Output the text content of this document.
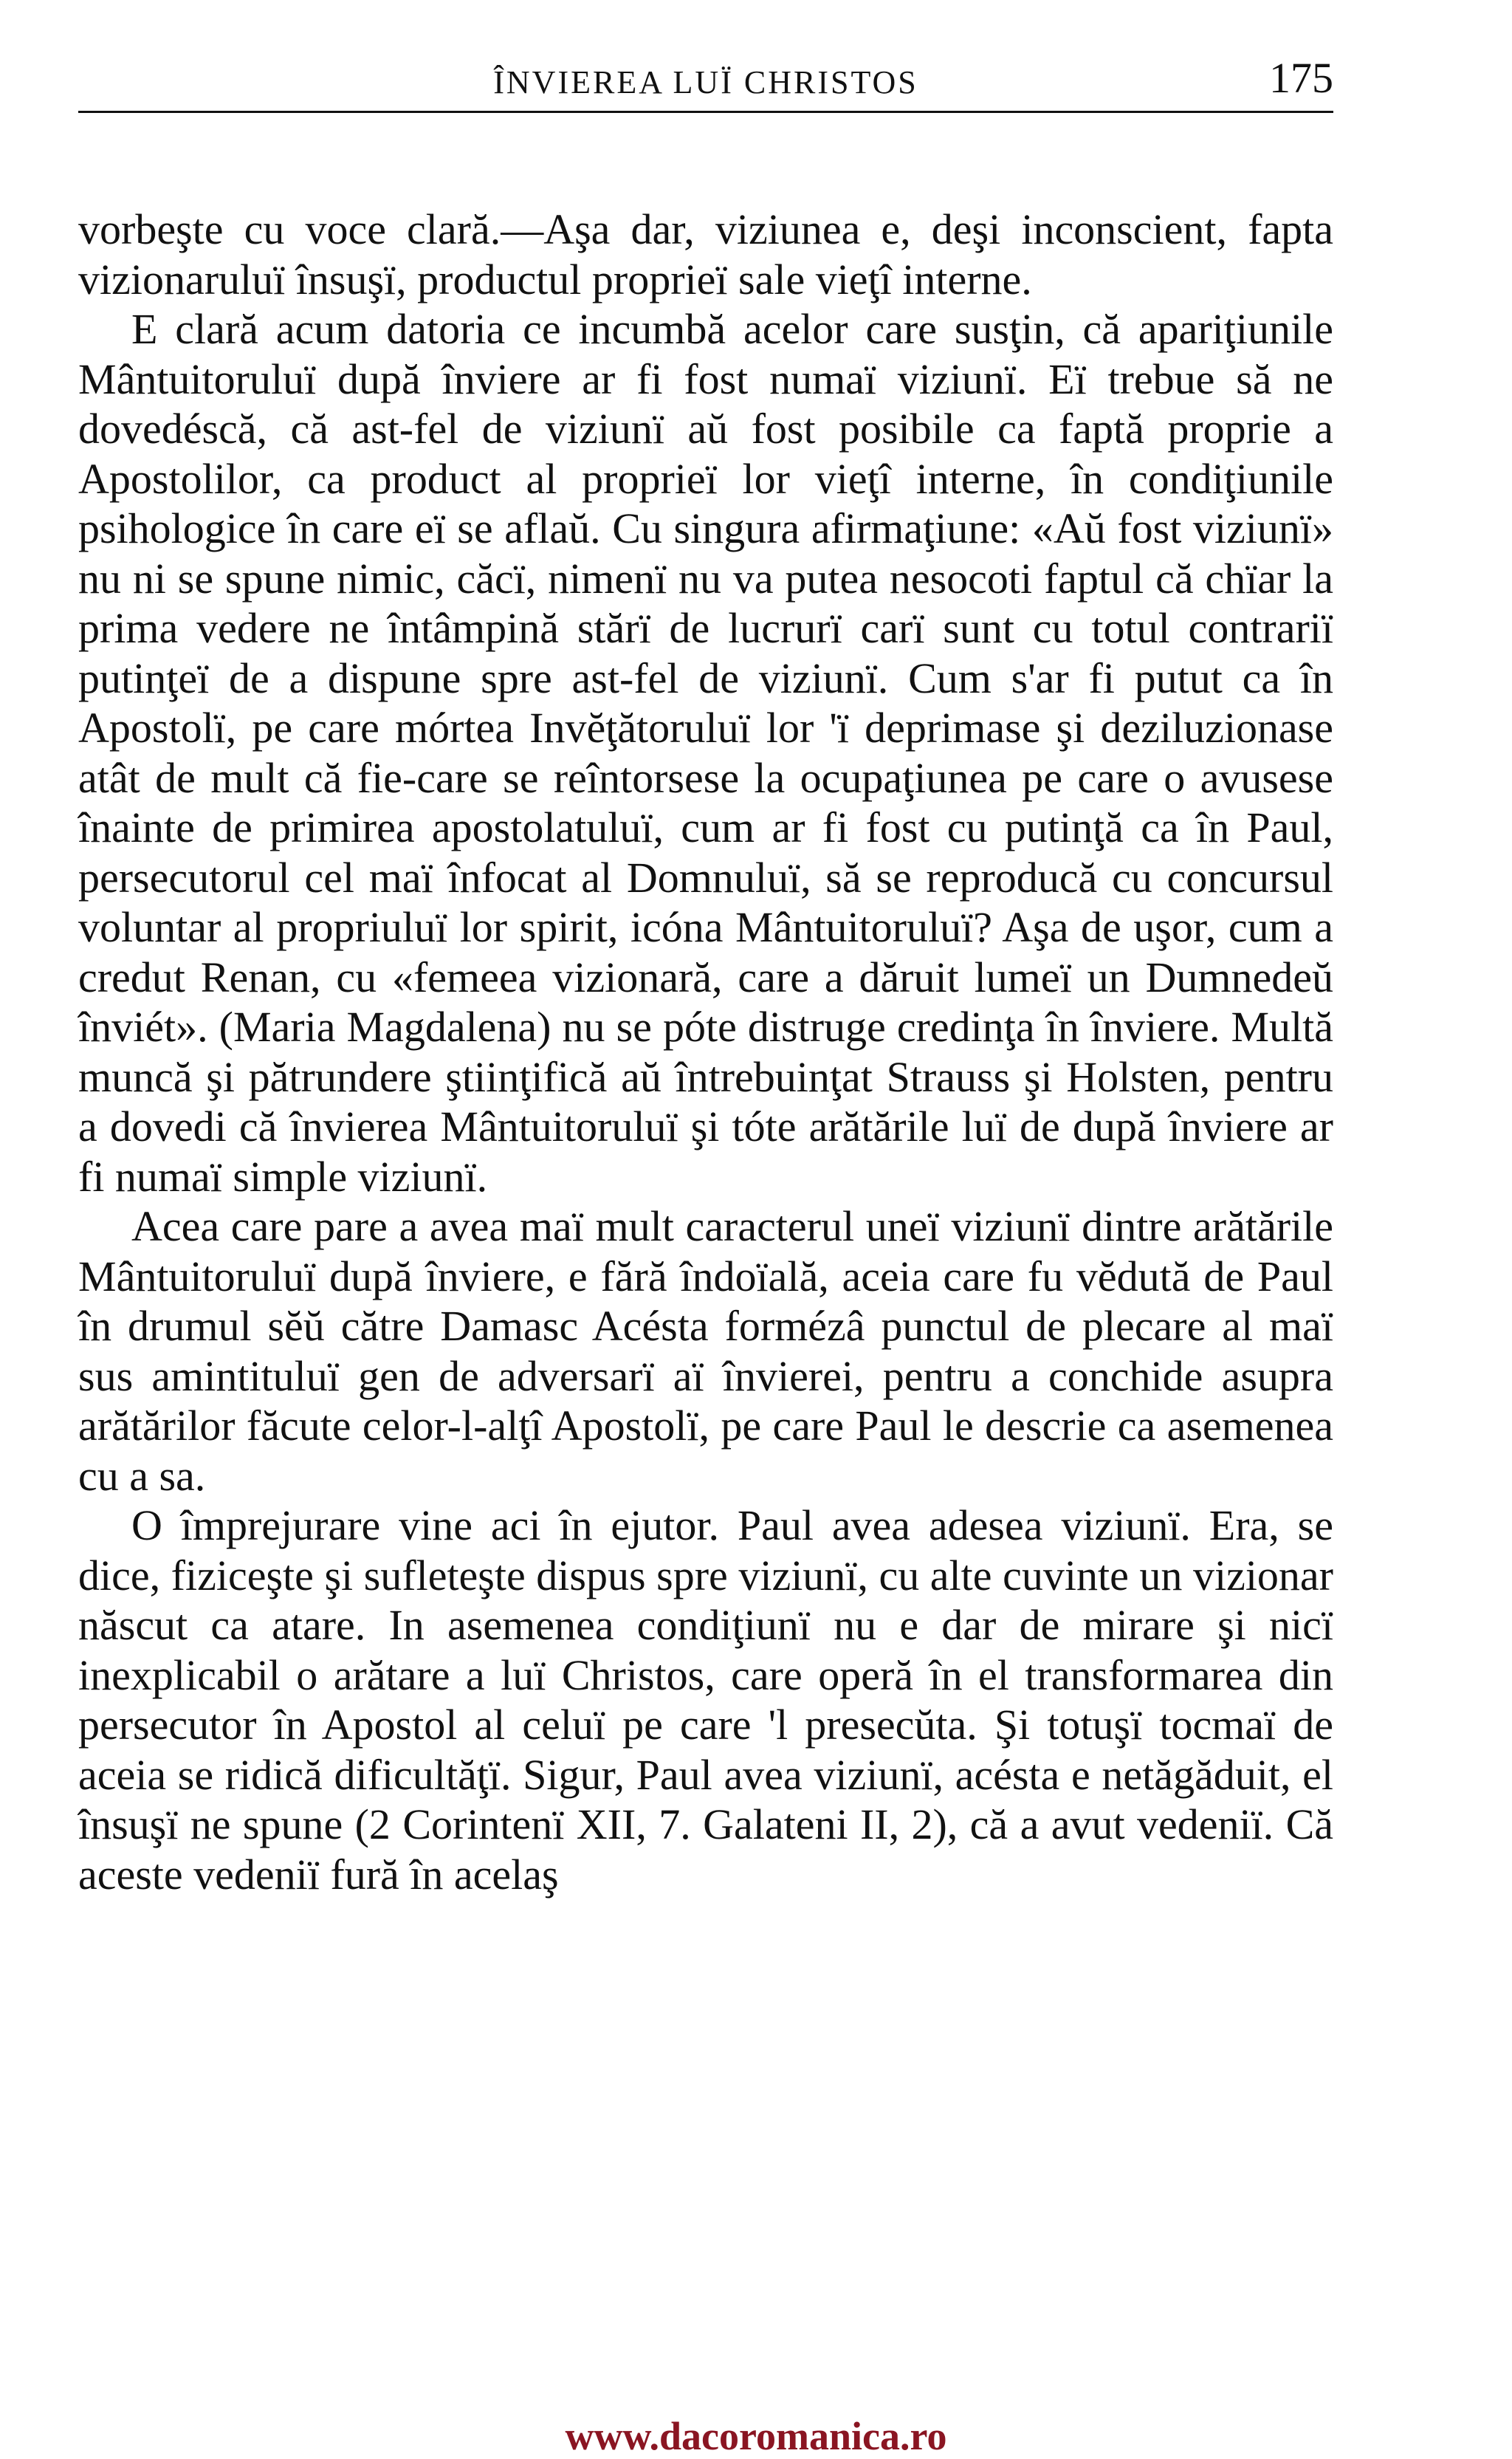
ÎNVIEREA LUÏ CHRISTOS	175

vorbeşte cu voce clară.—Aşa dar, viziunea e, deşi inconscient, fapta vizionaruluï însuşï, productul proprieï sale vieţî interne.

E clară acum datoria ce incumbă acelor care susţin, că apariţiunile Mântuitoruluï după înviere ar fi fost numaï viziunï. Eï trebue să ne dovedéscă, că ast-fel de viziunï aŭ fost posibile ca faptă proprie a Apostolilor, ca product al proprieï lor vieţî interne, în condiţiunile psihologice în care eï se aflaŭ. Cu singura afirmaţiune: «Aŭ fost viziunï» nu ni se spune nimic, căcï, nimenï nu va putea nesocoti faptul că chïar la prima vedere ne întâmpină stărï de lucrurï carï sunt cu totul contrariï putinţeï de a dispune spre ast-fel de viziunï. Cum s'ar fi putut ca în Apostolï, pe care mórtea Invĕţătoruluï lor 'ï deprimase şi deziluzionase atât de mult că fie-care se reîntorsese la ocupaţiunea pe care o avusese înainte de primirea apostolatuluï, cum ar fi fost cu putinţă ca în Paul, persecutorul cel maï înfocat al Domnuluï, să se reproducă cu concursul voluntar al propriuluï lor spirit, icóna Mântuitoruluï? Aşa de uşor, cum a credut Renan, cu «femeea vizionară, care a dăruit lumeï un Dumnedeŭ înviét». (Maria Magdalena) nu se póte distruge credinţa în înviere. Multă muncă şi pătrundere ştiinţifică aŭ întrebuinţat Strauss şi Holsten, pentru a dovedi că învierea Mântuitoruluï şi tóte arătările luï de după înviere ar fi numaï simple viziunï.

Acea care pare a avea maï mult caracterul uneï viziunï dintre arătările Mântuitoruluï după înviere, e fără îndoïală, aceia care fu vĕdută de Paul în drumul sĕŭ către Damasc Acésta formézâ punctul de plecare al maï sus amintituluï gen de adversarï aï învierei, pentru a conchide asupra arătărilor făcute celor-l-alţî Apostolï, pe care Paul le descrie ca asemenea cu a sa.

O împrejurare vine aci în ejutor. Paul avea adesea viziunï. Era, se dice, fiziceşte şi sufleteşte dispus spre viziunï, cu alte cuvinte un vizionar născut ca atare. In asemenea condiţiunï nu e dar de mirare şi nicï inexplicabil o arătare a luï Christos, care operă în el transformarea din persecutor în Apostol al celuï pe care 'l presecŭta. Şi totuşï tocmaï de aceia se ridică dificultăţï. Sigur, Paul avea viziunï, acésta e netăgăduit, el însuşï ne spune (2 Corintenï XII, 7. Galateni II, 2), că a avut vedeniï. Că aceste vedeniï fură în acelaş

www.dacoromanica.ro
